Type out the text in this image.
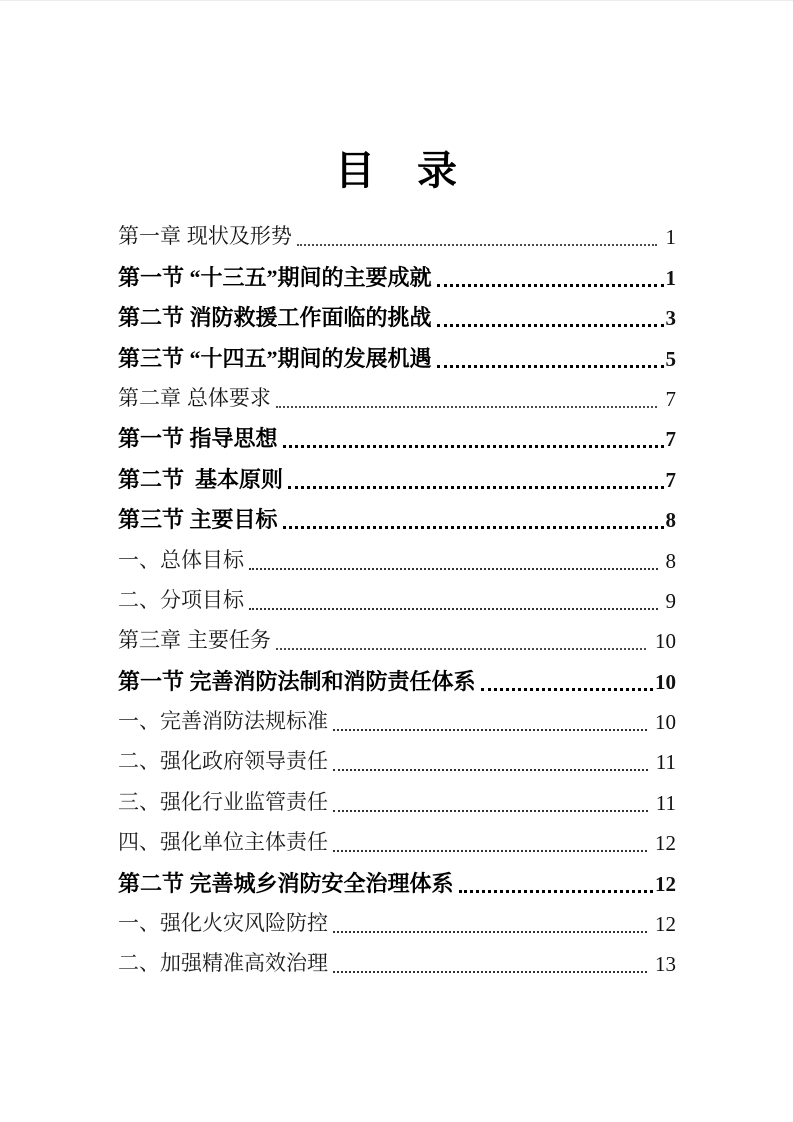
目　录
第一章 现状及形势	1
第一节 “十三五”期间的主要成就	1
第二节 消防救援工作面临的挑战	3
第三节 “十四五”期间的发展机遇	5
第二章 总体要求	7
第一节 指导思想	7
第二节  基本原则	7
第三节 主要目标	8
一、总体目标	8
二、分项目标	9
第三章 主要任务	10
第一节 完善消防法制和消防责任体系	10
一、完善消防法规标准	10
二、强化政府领导责任	11
三、强化行业监管责任	11
四、强化单位主体责任	12
第二节 完善城乡消防安全治理体系	12
一、强化火灾风险防控	12
二、加强精准高效治理	13
